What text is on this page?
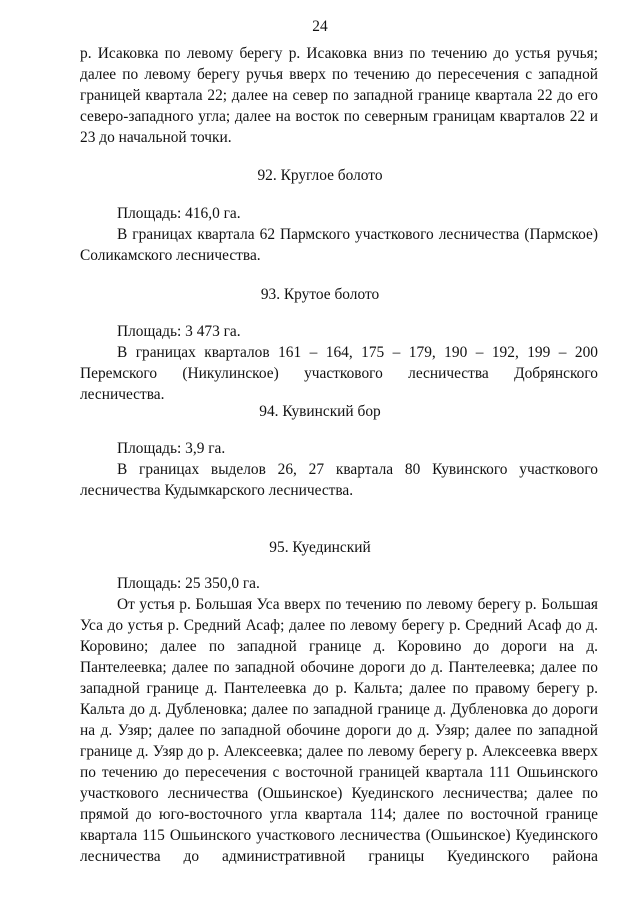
24

р. Исаковка по левому берегу р. Исаковка вниз по течению до устья ручья; далее по левому берегу ручья вверх по течению до пересечения с западной границей квартала 22; далее на север по западной границе квартала 22 до его северо-западного угла; далее на восток по северным границам кварталов 22 и 23 до начальной точки.

92. Круглое болото

Площадь: 416,0 га.

В границах квартала 62 Пармского участкового лесничества (Пармское) Соликамского лесничества.

93. Крутое болото

Площадь: 3 473 га.

В границах кварталов 161 – 164, 175 – 179, 190 – 192, 199 – 200 Перемского (Никулинское) участкового лесничества Добрянского лесничества.

94. Кувинский бор

Площадь: 3,9 га.

В границах выделов 26, 27 квартала 80 Кувинского участкового лесничества Кудымкарского лесничества.

95. Куединский

Площадь: 25 350,0 га.

От устья р. Большая Уса вверх по течению по левому берегу р. Большая Уса до устья р. Средний Асаф; далее по левому берегу р. Средний Асаф до д. Коровино; далее по западной границе д. Коровино до дороги на д. Пантелеевка; далее по западной обочине дороги до д. Пантелеевка; далее по западной границе д. Пантелеевка до р. Кальта; далее по правому берегу р. Кальта до д. Дубленовка; далее по западной границе д. Дубленовка до дороги на д. Узяр; далее по западной обочине дороги до д. Узяр; далее по западной границе д. Узяр до р. Алексеевка; далее по левому берегу р. Алексеевка вверх по течению до пересечения с восточной границей квартала 111 Ошьинского участкового лесничества (Ошьинское) Куединского лесничества; далее по прямой до юго-восточного угла квартала 114; далее по восточной границе квартала 115 Ошьинского участкового лесничества (Ошьинское) Куединского лесничества до административной границы Куединского района
